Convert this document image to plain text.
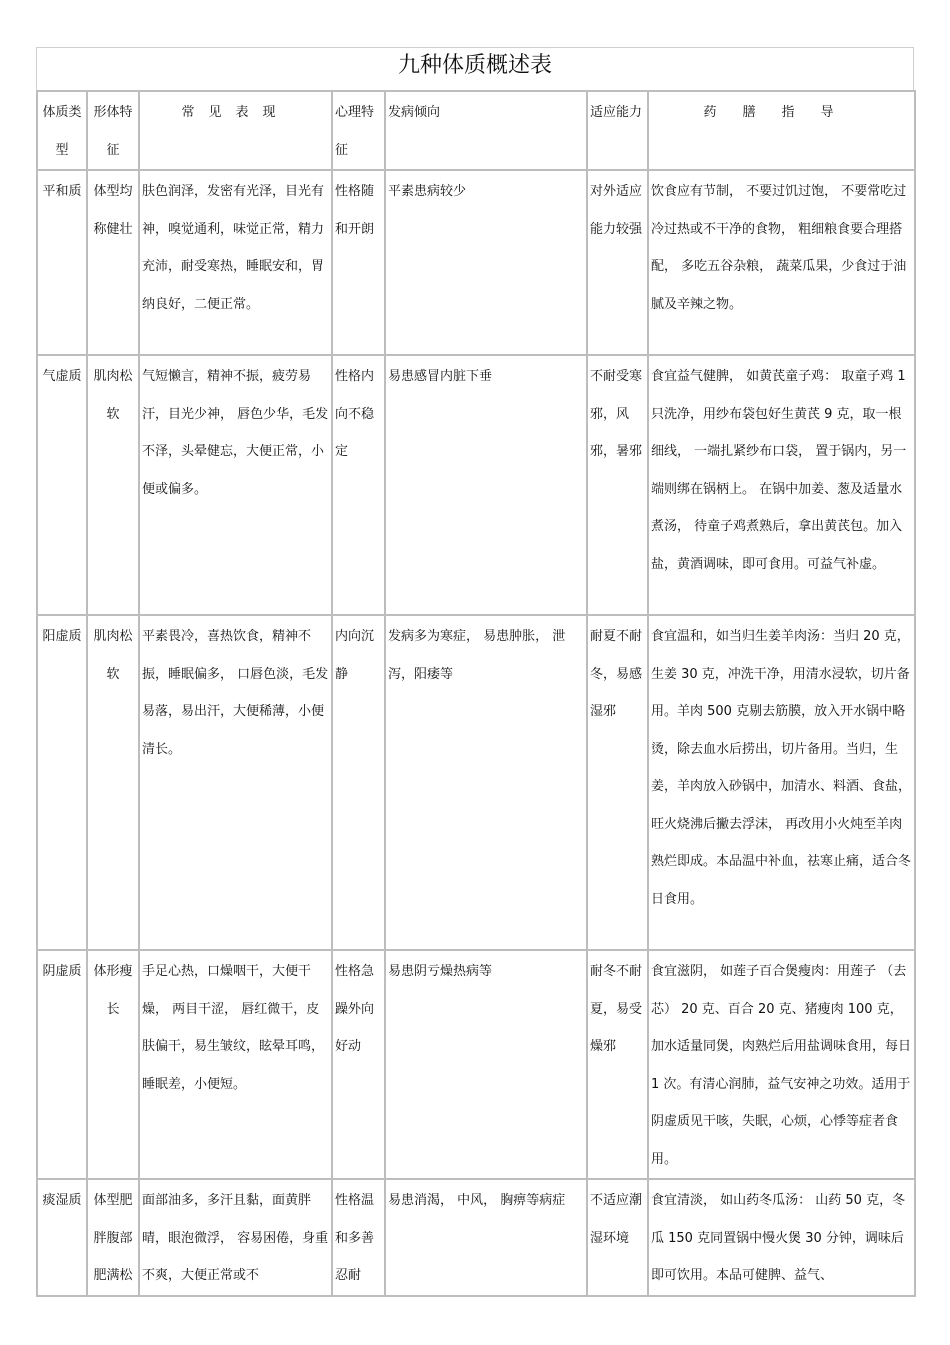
九种体质概述表
体质类型	形体特征	常见表现	心理特征	发病倾向	适应能力	药膳指导
平和质	体型均称健壮	肤色润泽，发密有光泽，目光有神，嗅觉通利，味觉正常，精力充沛，耐受寒热，睡眠安和，胃纳良好，二便正常。	性格随和开朗	平素患病较少	对外适应能力较强	饮食应有节制， 不要过饥过饱， 不要常吃过冷过热或不干净的食物， 粗细粮食要合理搭配， 多吃五谷杂粮， 蔬菜瓜果，少食过于油腻及辛辣之物。
气虚质	肌肉松软	气短懒言，精神不振，疲劳易汗，目光少神， 唇色少华，毛发不泽，头晕健忘，大便正常，小便或偏多。	性格内向不稳定	易患感冒内脏下垂	不耐受寒邪，风邪，暑邪	食宜益气健脾， 如黄芪童子鸡： 取童子鸡 1 只洗净，用纱布袋包好生黄芪 9 克，取一根细线， 一端扎紧纱布口袋， 置于锅内，另一端则绑在锅柄上。 在锅中加姜、葱及适量水煮汤， 待童子鸡煮熟后，拿出黄芪包。加入盐，黄酒调味，即可食用。可益气补虚。
阳虚质	肌肉松软	平素畏冷，喜热饮食，精神不振，睡眠偏多， 口唇色淡，毛发易落，易出汗，大便稀薄，小便清长。	内向沉静	发病多为寒症， 易患肿胀， 泄泻，阳痿等	耐夏不耐冬，易感湿邪	食宜温和，如当归生姜羊肉汤：当归 20 克，生姜 30 克，冲洗干净，用清水浸软，切片备用。羊肉 500 克剔去筋膜，放入开水锅中略烫，除去血水后捞出，切片备用。当归，生姜，羊肉放入砂锅中，加清水、料酒、食盐，旺火烧沸后撇去浮沫， 再改用小火炖至羊肉熟烂即成。本品温中补血，祛寒止痛，适合冬日食用。
阴虚质	体形瘦长	手足心热，口燥咽干，大便干燥， 两目干涩， 唇红微干，皮肤偏干，易生皱纹，眩晕耳鸣，睡眠差，小便短。	性格急躁外向好动	易患阴亏燥热病等	耐冬不耐夏，易受燥邪	食宜滋阴， 如莲子百合煲瘦肉：用莲子 （去芯） 20 克、百合 20 克、猪瘦肉 100 克，加水适量同煲，肉熟烂后用盐调味食用，每日 1 次。有清心润肺，益气安神之功效。适用于阴虚质见干咳，失眠，心烦，心悸等症者食用。
痰湿质	体型肥胖腹部肥满松	面部油多，多汗且黏，面黄胖晴，眼泡微浮， 容易困倦，身重不爽，大便正常或不	性格温和多善忍耐	易患消渴， 中风， 胸痹等病症	不适应潮湿环境	食宜清淡， 如山药冬瓜汤： 山药 50 克，冬瓜 150 克同置锅中慢火煲 30 分钟，调味后即可饮用。本品可健脾、益气、
